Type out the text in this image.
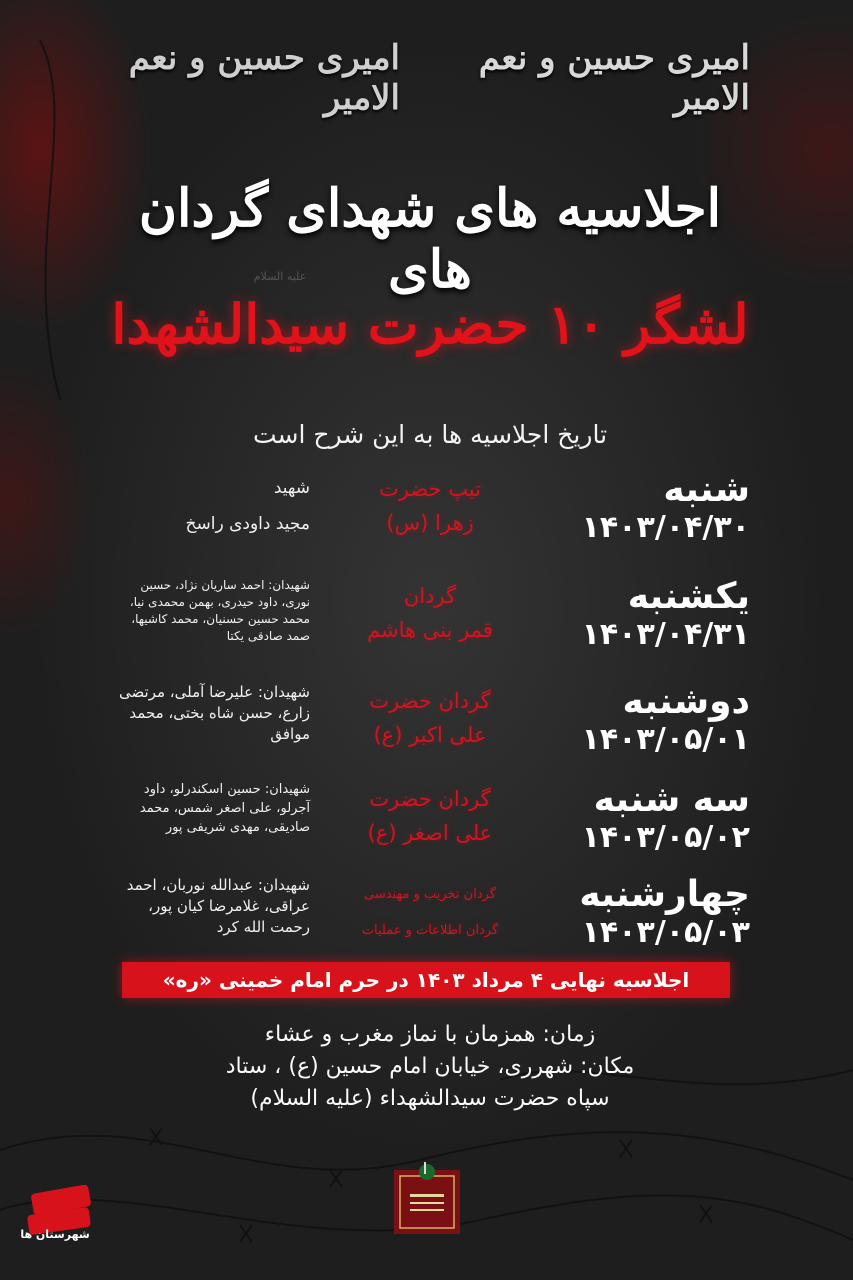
امیری حسین و نعم الامیر
امیری حسین و نعم الامیر
اجلاسیه های شهدای گردان های
علیه السلام
لشگر ۱۰ حضرت سیدالشهدا
تاریخ اجلاسیه ها به این شرح است
شنبه
۱۴۰۳/۰۴/۳۰
تیپ حضرت
زهرا (س)
شهید
مجید داودی راسخ
یکشنبه
۱۴۰۳/۰۴/۳۱
گردان
قمر بنی هاشم
شهیدان: احمد ساریان نژاد، حسین نوری، داود حیدری، بهمن محمدی نیا، محمد حسین حسنیان، محمد کاشیها، صمد صادقی یکتا
دوشنبه
۱۴۰۳/۰۵/۰۱
گردان حضرت
علی اکبر (ع)
شهیدان: علیرضا آملی، مرتضی زارع، حسن شاه بختی، محمد موافق
سه شنبه
۱۴۰۳/۰۵/۰۲
گردان حضرت
علی اصغر (ع)
شهیدان: حسین اسکندرلو، داود آجرلو، علی اصغر شمس، محمد صادیقی، مهدی شریفی پور
چهارشنبه
۱۴۰۳/۰۵/۰۳
گردان تخریب و مهندسی
گردان اطلاعات و عملیات
شهیدان: عبدالله نوربان، احمد عراقی، غلامرضا کیان پور، رحمت الله کرد
اجلاسیه نهایی ۴ مرداد ۱۴۰۳ در حرم امام خمینی «ره»
زمان: همزمان با نماز مغرب و عشاء
مکان: شهرری، خیابان امام حسین (ع) ، ستاد
سپاه حضرت سیدالشهداء (علیه السلام)
شهرستان ها
